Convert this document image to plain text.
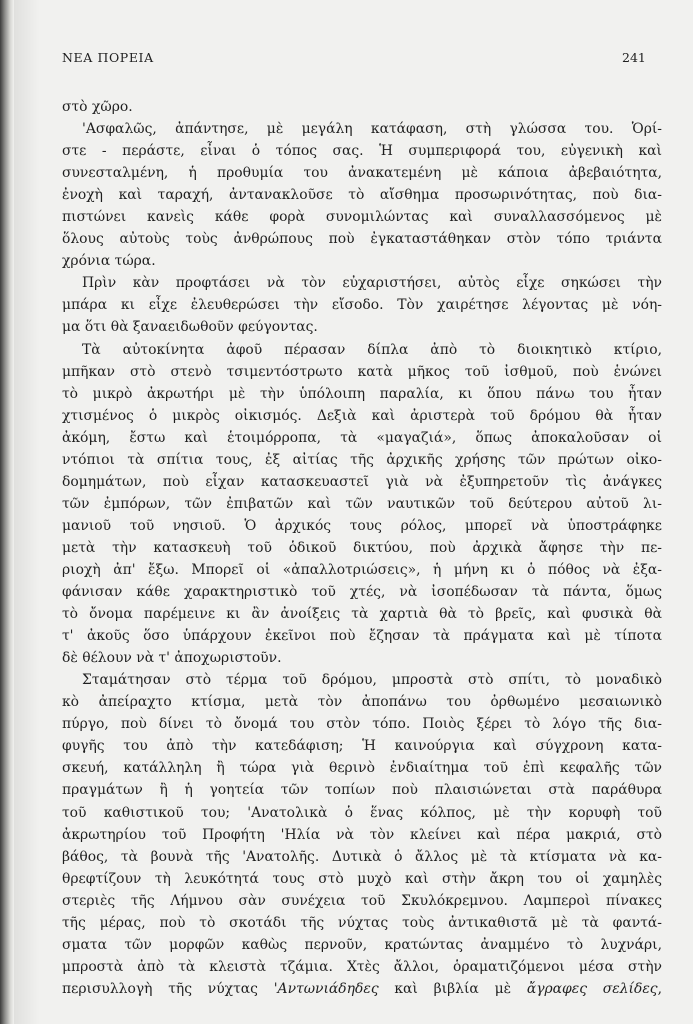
ΝΕΑ ΠΟΡΕΙΑ	241
στὸ χῶρο.
'Ασφαλῶς, ἀπάντησε, μὲ μεγάλη κατάφαση, στὴ γλώσσα του. Ὁρί-
στε - περάστε, εἶναι ὁ τόπος σας. Ἡ συμπεριφορά του, εὐγενικὴ καὶ
συνεσταλμένη, ἡ προθυμία του ἀνακατεμένη μὲ κάποια ἀβεβαιότητα,
ἐνοχὴ καὶ ταραχή, ἀντανακλοῦσε τὸ αἴσθημα προσωρινότητας, ποὺ δια-
πιστώνει κανεὶς κάθε φορὰ συνομιλώντας καὶ συναλλασσόμενος μὲ
ὅλους αὐτοὺς τοὺς ἀνθρώπους ποὺ ἐγκαταστάθηκαν στὸν τόπο τριάντα
χρόνια τώρα.
Πρὶν κὰν προφτάσει νὰ τὸν εὐχαριστήσει, αὐτὸς εἶχε σηκώσει τὴν
μπάρα κι εἶχε ἐλευθερώσει τὴν εἴσοδο. Τὸν χαιρέτησε λέγοντας μὲ νόη-
μα ὅτι θὰ ξαναειδωθοῦν φεύγοντας.
Τὰ αὐτοκίνητα ἀφοῦ πέρασαν δίπλα ἀπὸ τὸ διοικητικὸ κτίριο,
μπῆκαν στὸ στενὸ τσιμεντόστρωτο κατὰ μῆκος τοῦ ἰσθμοῦ, ποὺ ἑνώνει
τὸ μικρὸ ἀκρωτήρι μὲ τὴν ὑπόλοιπη παραλία, κι ὅπου πάνω του ἦταν
χτισμένος ὁ μικρὸς οἰκισμός. Δεξιὰ καὶ ἀριστερὰ τοῦ δρόμου θὰ ἦταν
ἀκόμη, ἔστω καὶ ἑτοιμόρροπα, τὰ «μαγαζιά», ὅπως ἀποκαλοῦσαν οἱ
ντόπιοι τὰ σπίτια τους, ἐξ αἰτίας τῆς ἀρχικῆς χρήσης τῶν πρώτων οἰκο-
δομημάτων, ποὺ εἶχαν κατασκευαστεῖ γιὰ νὰ ἐξυπηρετοῦν τὶς ἀνάγκες
τῶν ἐμπόρων, τῶν ἐπιβατῶν καὶ τῶν ναυτικῶν τοῦ δεύτερου αὐτοῦ λι-
μανιοῦ τοῦ νησιοῦ. Ὁ ἀρχικός τους ρόλος, μπορεῖ νὰ ὑποστράφηκε
μετὰ τὴν κατασκευὴ τοῦ ὁδικοῦ δικτύου, ποὺ ἀρχικὰ ἄφησε τὴν πε-
ριοχὴ ἀπ' ἔξω. Μπορεῖ οἱ «ἀπαλλοτριώσεις», ἡ μήνη κι ὁ πόθος νὰ ἐξα-
φάνισαν κάθε χαρακτηριστικὸ τοῦ χτές, νὰ ἰσοπέδωσαν τὰ πάντα, ὅμως
τὸ ὄνομα παρέμεινε κι ἂν ἀνοίξεις τὰ χαρτιὰ θὰ τὸ βρεῖς, καὶ φυσικὰ θὰ
τ' ἀκοῦς ὅσο ὑπάρχουν ἐκεῖνοι ποὺ ἔζησαν τὰ πράγματα καὶ μὲ τίποτα
δὲ θέλουν νὰ τ' ἀποχωριστοῦν.
Σταμάτησαν στὸ τέρμα τοῦ δρόμου, μπροστὰ στὸ σπίτι, τὸ μοναδικὸ
κὸ ἀπείραχτο κτίσμα, μετὰ τὸν ἀποπάνω του ὀρθωμένο μεσαιωνικὸ
πύργο, ποὺ δίνει τὸ ὄνομά του στὸν τόπο. Ποιὸς ξέρει τὸ λόγο τῆς δια-
φυγῆς του ἀπὸ τὴν κατεδάφιση; Ἡ καινούργια καὶ σύγχρονη κατα-
σκευή, κατάλληλη ἢ τώρα γιὰ θερινὸ ἐνδιαίτημα τοῦ ἐπὶ κεφαλῆς τῶν
πραγμάτων ἢ ἡ γοητεία τῶν τοπίων ποὺ πλαισιώνεται στὰ παράθυρα
τοῦ καθιστικοῦ του; 'Ανατολικὰ ὁ ἕνας κόλπος, μὲ τὴν κορυφὴ τοῦ
ἀκρωτηρίου τοῦ Προφήτη 'Ηλία νὰ τὸν κλείνει καὶ πέρα μακριά, στὸ
βάθος, τὰ βουνὰ τῆς 'Ανατολῆς. Δυτικὰ ὁ ἄλλος μὲ τὰ κτίσματα νὰ κα-
θρεφτίζουν τὴ λευκότητά τους στὸ μυχὸ καὶ στὴν ἄκρη του οἱ χαμηλὲς
στεριὲς τῆς Λήμνου σὰν συνέχεια τοῦ Σκυλόκρεμνου. Λαμπεροὶ πίνακες
τῆς μέρας, ποὺ τὸ σκοτάδι τῆς νύχτας τοὺς ἀντικαθιστᾶ μὲ τὰ φαντά-
σματα τῶν μορφῶν καθὼς περνοῦν, κρατώντας ἀναμμένο τὸ λυχνάρι,
μπροστὰ ἀπὸ τὰ κλειστὰ τζάμια. Χτὲς ἄλλοι, ὁραματιζόμενοι μέσα στὴν
περισυλλογὴ τῆς νύχτας 'Αντωνιάδηδες καὶ βιβλία μὲ ἄγραφες σελίδες,
